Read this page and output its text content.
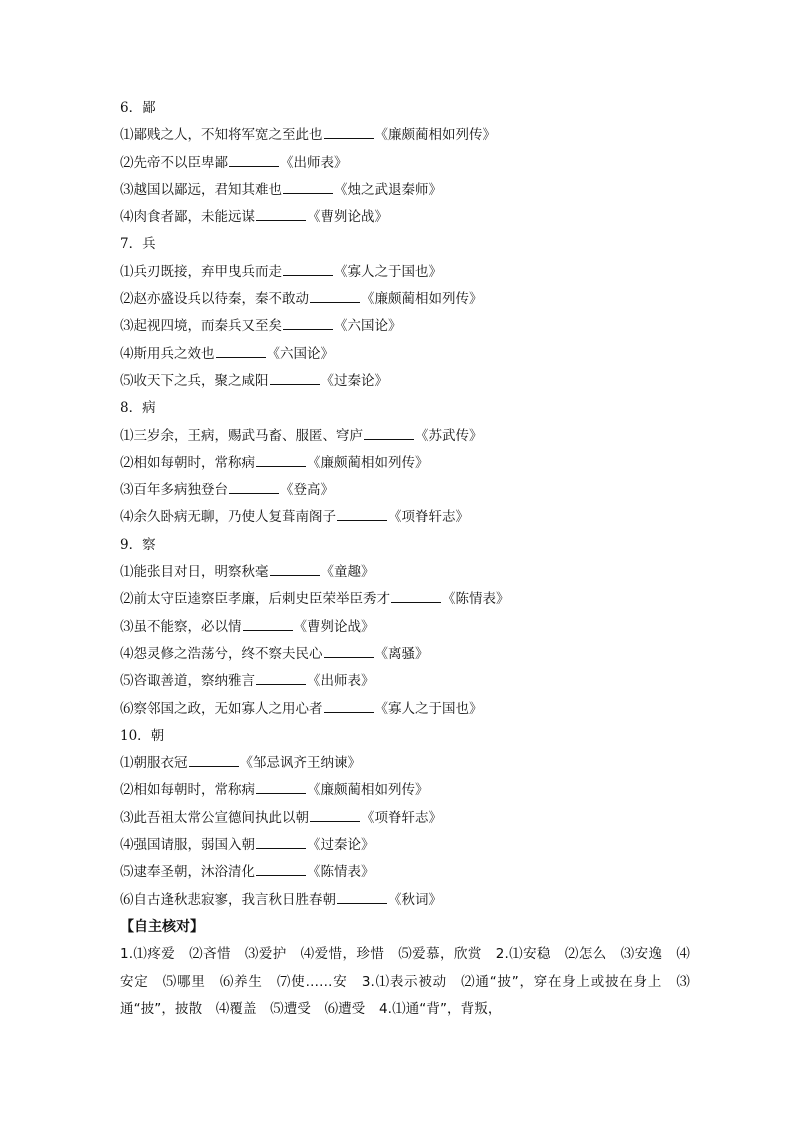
6．鄙
⑴鄙贱之人，不知将军宽之至此也	《廉颇蔺相如列传》
⑵先帝不以臣卑鄙	《出师表》
⑶越国以鄙远，君知其难也	《烛之武退秦师》
⑷肉食者鄙，未能远谋	《曹刿论战》
7．兵
⑴兵刃既接，弃甲曳兵而走	《寡人之于国也》
⑵赵亦盛设兵以待秦，秦不敢动	《廉颇蔺相如列传》
⑶起视四境，而秦兵又至矣	《六国论》
⑷斯用兵之效也	《六国论》
⑸收天下之兵，聚之咸阳	《过秦论》
8．病
⑴三岁余，王病，赐武马畜、服匿、穹庐	《苏武传》
⑵相如每朝时，常称病	《廉颇蔺相如列传》
⑶百年多病独登台	《登高》
⑷余久卧病无聊，乃使人复葺南阁子	《项脊轩志》
9．察
⑴能张目对日，明察秋毫	《童趣》
⑵前太守臣逵察臣孝廉，后刺史臣荣举臣秀才	《陈情表》
⑶虽不能察，必以情	《曹刿论战》
⑷怨灵修之浩荡兮，终不察夫民心	《离骚》
⑸咨诹善道，察纳雅言	《出师表》
⑹察邻国之政，无如寡人之用心者	《寡人之于国也》
10．朝
⑴朝服衣冠	《邹忌讽齐王纳谏》
⑵相如每朝时，常称病	《廉颇蔺相如列传》
⑶此吾祖太常公宣德间执此以朝	《项脊轩志》
⑷强国请服，弱国入朝	《过秦论》
⑸逮奉圣朝，沐浴清化	《陈情表》
⑹自古逢秋悲寂寥，我言秋日胜春朝	《秋词》
【自主核对】
1.⑴疼爱　⑵吝惜　⑶爱护　⑷爱惜，珍惜　⑸爱慕，欣赏　2.⑴安稳　⑵怎么　⑶安逸　⑷安定　⑸哪里　⑹养生　⑺使……安　3.⑴表示被动　⑵通“披”，穿在身上或披在身上　⑶通“披”，披散　⑷覆盖　⑸遭受　⑹遭受　4.⑴通“背”，背叛，
